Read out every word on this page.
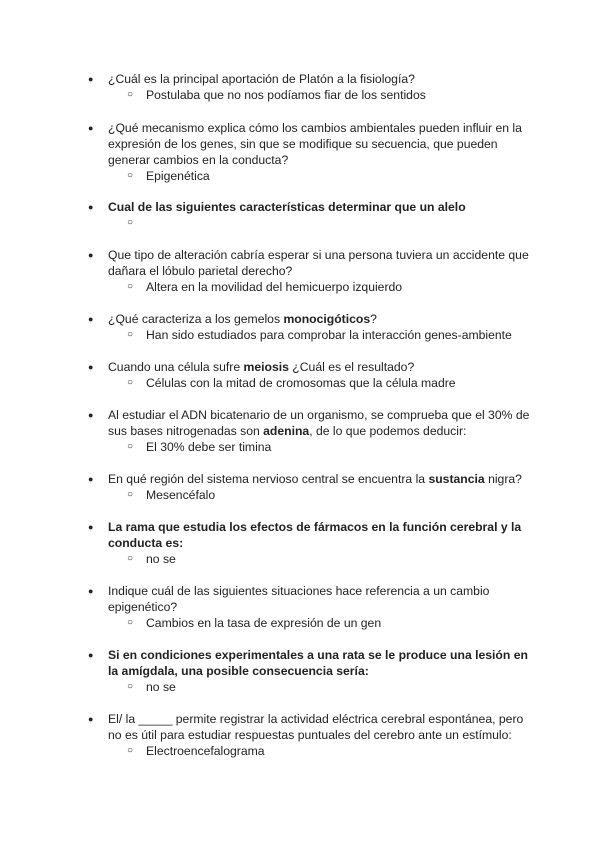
● ¿Cuál es la principal aportación de Platón a la fisiología?
○ Postulaba que no nos podíamos fiar de los sentidos
● ¿Qué mecanismo explica cómo los cambios ambientales pueden influir en la expresión de los genes, sin que se modifique su secuencia, que pueden generar cambios en la conducta?
○ Epigenética
● Cual de las siguientes características determinar que un alelo
○
● Que tipo de alteración cabría esperar si una persona tuviera un accidente que dañara el lóbulo parietal derecho?
○ Altera en la movilidad del hemicuerpo izquierdo
● ¿Qué caracteriza a los gemelos monocigóticos?
○ Han sido estudiados para comprobar la interacción genes-ambiente
● Cuando una célula sufre meiosis ¿Cuál es el resultado?
○ Células con la mitad de cromosomas que la célula madre
● Al estudiar el ADN bicatenario de un organismo, se comprueba que el 30% de sus bases nitrogenadas son adenina, de lo que podemos deducir:
○ El 30% debe ser timina
● En qué región del sistema nervioso central se encuentra la sustancia nigra?
○ Mesencéfalo
● La rama que estudia los efectos de fármacos en la función cerebral y la conducta es:
○ no se
● Indique cuál de las siguientes situaciones hace referencia a un cambio epigenético?
○ Cambios en la tasa de expresión de un gen
● Si en condiciones experimentales a una rata se le produce una lesión en la amígdala, una posible consecuencia sería:
○ no se
● El/ la _____ permite registrar la actividad eléctrica cerebral espontánea, pero no es útil para estudiar respuestas puntuales del cerebro ante un estímulo:
○ Electroencefalograma
